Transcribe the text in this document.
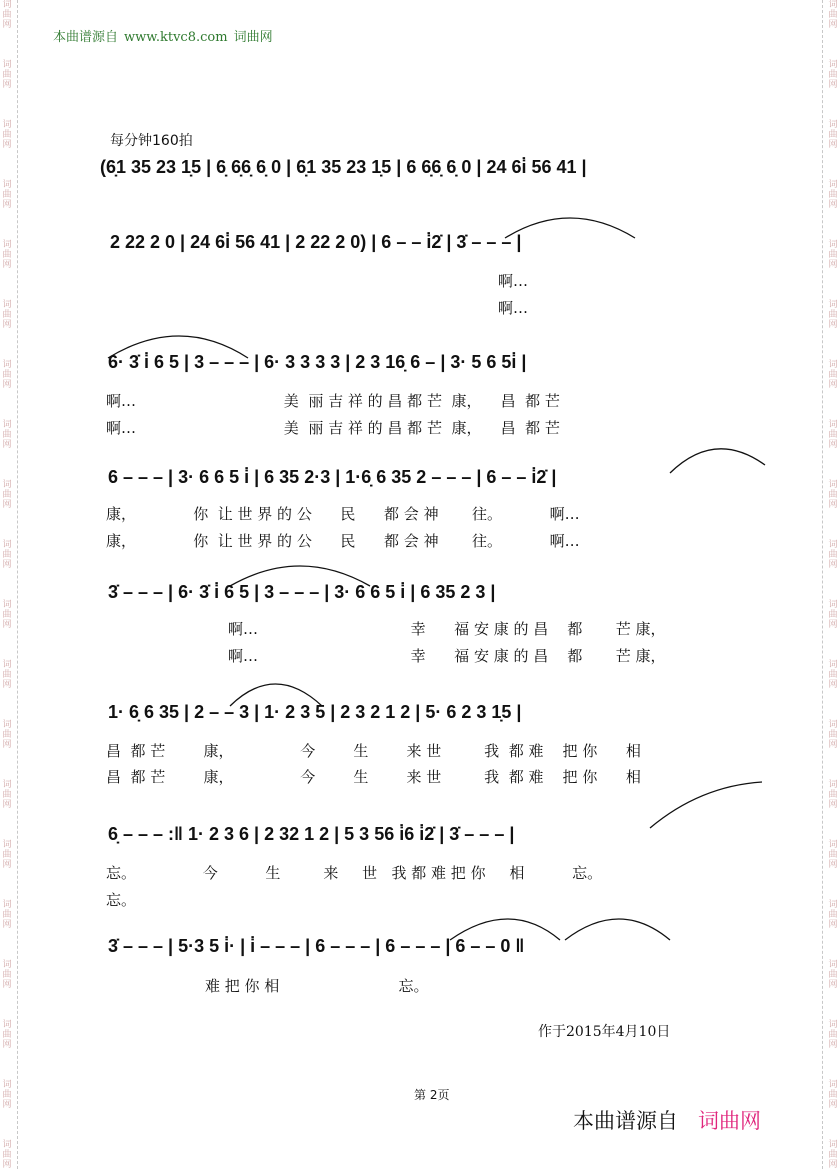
词
曲
网
词
曲
网
词
曲
网
词
曲
网
词
曲
网
词
曲
网
词
曲
网
词
曲
网
词
曲
网
词
曲
网
词
曲
网
词
曲
网
词
曲
网
词
曲
网
词
曲
网
词
曲
网
词
曲
网
词
曲
网
词
曲
网
词
曲
网
词
曲
网
词
曲
网
词
曲
网
词
曲
网
词
曲
网
词
曲
网
词
曲
网
词
曲
网
词
曲
网
词
曲
网
词
曲
网
词
曲
网
词
曲
网
词
曲
网
词
曲
网
词
曲
网
词
曲
网
词
曲
网
词
曲
网
词
曲
网
本曲谱源自 www.ktvc8.com 词曲网
每分钟160拍
(6̣1 35 23 1̣5 | 6̣ 6̣6̣ 6̣ 0 | 6̣1 35 23 1̣5 | 6 6̣6̣ 6̣ 0 | 24 6i̇ 56 41 |
2 22 2 0 | 24 6i̇ 56 41 | 2 22 2 0) | 6 – – i̇2̇ | 3̇ – – – |
啊…
啊…
6· 3̇ i̇ 6 5 | 3 – – – | 6· 3 3 3 3 | 2 3 16̣ 6 – | 3· 5 6 5i̇ |
啊…                               美  丽 吉 祥 的 昌 都 芒  康，    昌  都 芒
啊…                               美  丽 吉 祥 的 昌 都 芒  康，    昌  都 芒
6 – – – | 3· 6 6 5 i̇ | 6 35 2·3 | 1·6̣ 6 35 2 – – – | 6 – – i̇2̇ |
康，            你  让 世 界 的 公      民      都 会 神       往。          啊…
康，            你  让 世 界 的 公      民      都 会 神       往。          啊…
3̇ – – – | 6· 3̇ i̇ 6 5 | 3 – – – | 3· 6 6 5 i̇ | 6 35 2 3 |
啊…                                幸      福 安 康 的 昌    都       芒 康，
啊…                                幸      福 安 康 的 昌    都       芒 康，
1· 6̣ 6 35 | 2 – – 3 | 1· 2 3 5 | 2 3 2 1 2 | 5· 6 2 3 1̣5 |
昌  都 芒        康，              今        生        来 世         我  都 难    把 你      相
昌  都 芒        康，              今        生        来 世         我  都 难    把 你      相
6̣ – – – :‖ 1· 2 3 6 | 2 32 1 2 | 5 3 56 i̇6 i̇2̇ | 3̇ – – – |
忘。              今          生         来     世   我 都 难 把 你     相          忘。
忘。
3̇ – – – | 5·3 5 i̇· | i̇ – – – | 6 – – – | 6 – – – | 6 – – 0 ‖
难 把 你 相                         忘。
作于2015年4月10日
第 2页
本曲谱源自 词曲网
